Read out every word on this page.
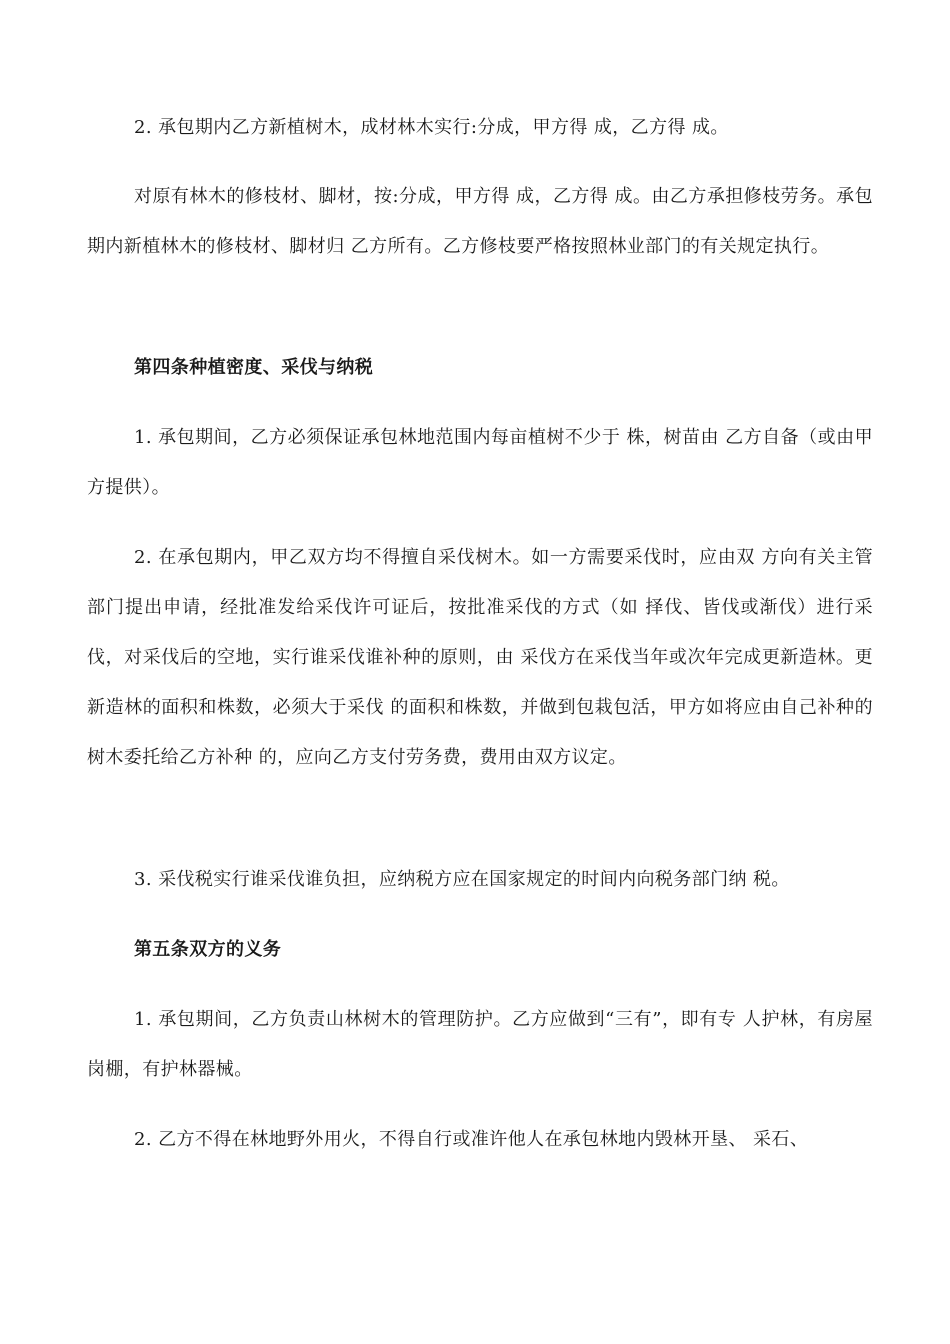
2. 承包期内乙方新植树木，成材林木实行:分成，甲方得 成，乙方得 成。

对原有林木的修枝材、脚材，按:分成，甲方得 成，乙方得 成。由乙方承担修枝劳务。承包期内新植林木的修枝材、脚材归 乙方所有。乙方修枝要严格按照林业部门的有关规定执行。

第四条种植密度、采伐与纳税

1. 承包期间，乙方必须保证承包林地范围内每亩植树不少于 株，树苗由 乙方自备（或由甲方提供）。

2. 在承包期内，甲乙双方均不得擅自采伐树木。如一方需要采伐时，应由双 方向有关主管部门提出申请，经批准发给采伐许可证后，按批准采伐的方式（如 择伐、皆伐或渐伐）进行采伐，对采伐后的空地，实行谁采伐谁补种的原则，由 采伐方在采伐当年或次年完成更新造林。更新造林的面积和株数，必须大于采伐 的面积和株数，并做到包栽包活，甲方如将应由自己补种的树木委托给乙方补种 的，应向乙方支付劳务费，费用由双方议定。

3. 采伐税实行谁采伐谁负担，应纳税方应在国家规定的时间内向税务部门纳 税。

第五条双方的义务

1. 承包期间，乙方负责山林树木的管理防护。乙方应做到“三有”，即有专 人护林，有房屋岗棚，有护林器械。

2. 乙方不得在林地野外用火，不得自行或准许他人在承包林地内毁林开垦、 采石、
